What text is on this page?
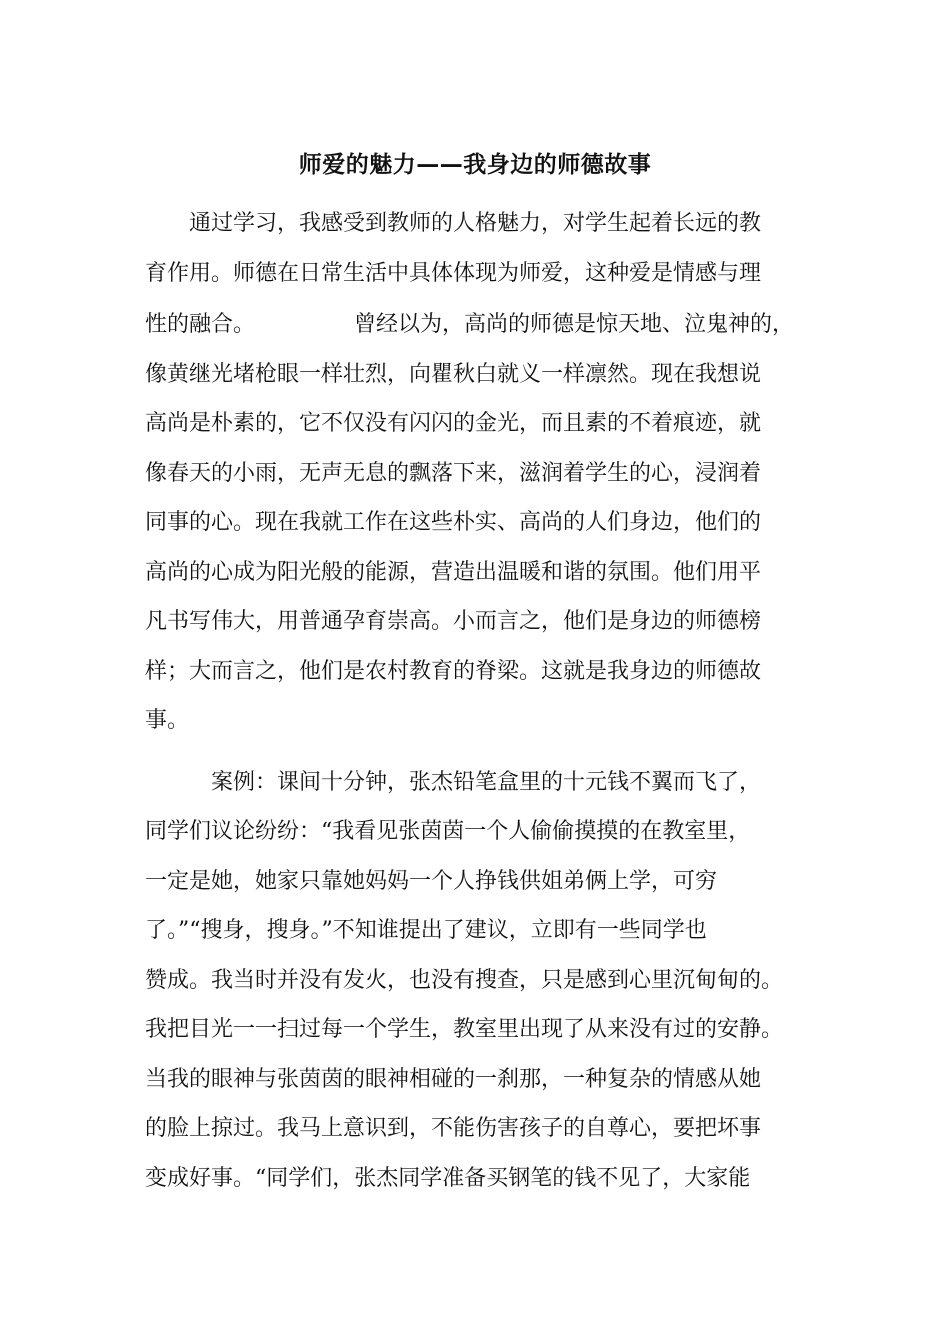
师爱的魅力——我身边的师德故事

　　通过学习，我感受到教师的人格魅力，对学生起着长远的教

育作用。师德在日常生活中具体体现为师爱，这种爱是情感与理

性的融合。　　　　　曾经以为，高尚的师德是惊天地、泣鬼神的，

像黄继光堵枪眼一样壮烈，向瞿秋白就义一样凛然。现在我想说

高尚是朴素的，它不仅没有闪闪的金光，而且素的不着痕迹，就

像春天的小雨，无声无息的飘落下来，滋润着学生的心，浸润着

同事的心。现在我就工作在这些朴实、高尚的人们身边，他们的

高尚的心成为阳光般的能源，营造出温暖和谐的氛围。他们用平

凡书写伟大，用普通孕育崇高。小而言之，他们是身边的师德榜

样；大而言之，他们是农村教育的脊梁。这就是我身边的师德故

事。

　　　案例：课间十分钟，张杰铅笔盒里的十元钱不翼而飞了，

同学们议论纷纷：“我看见张茵茵一个人偷偷摸摸的在教室里，

一定是她，她家只靠她妈妈一个人挣钱供姐弟俩上学，可穷

了。”“搜身，搜身。”不知谁提出了建议，立即有一些同学也

赞成。我当时并没有发火，也没有搜查，只是感到心里沉甸甸的。

我把目光一一扫过每一个学生，教室里出现了从来没有过的安静。

当我的眼神与张茵茵的眼神相碰的一刹那，一种复杂的情感从她

的脸上掠过。我马上意识到，不能伤害孩子的自尊心，要把坏事

变成好事。“同学们，张杰同学准备买钢笔的钱不见了，大家能
